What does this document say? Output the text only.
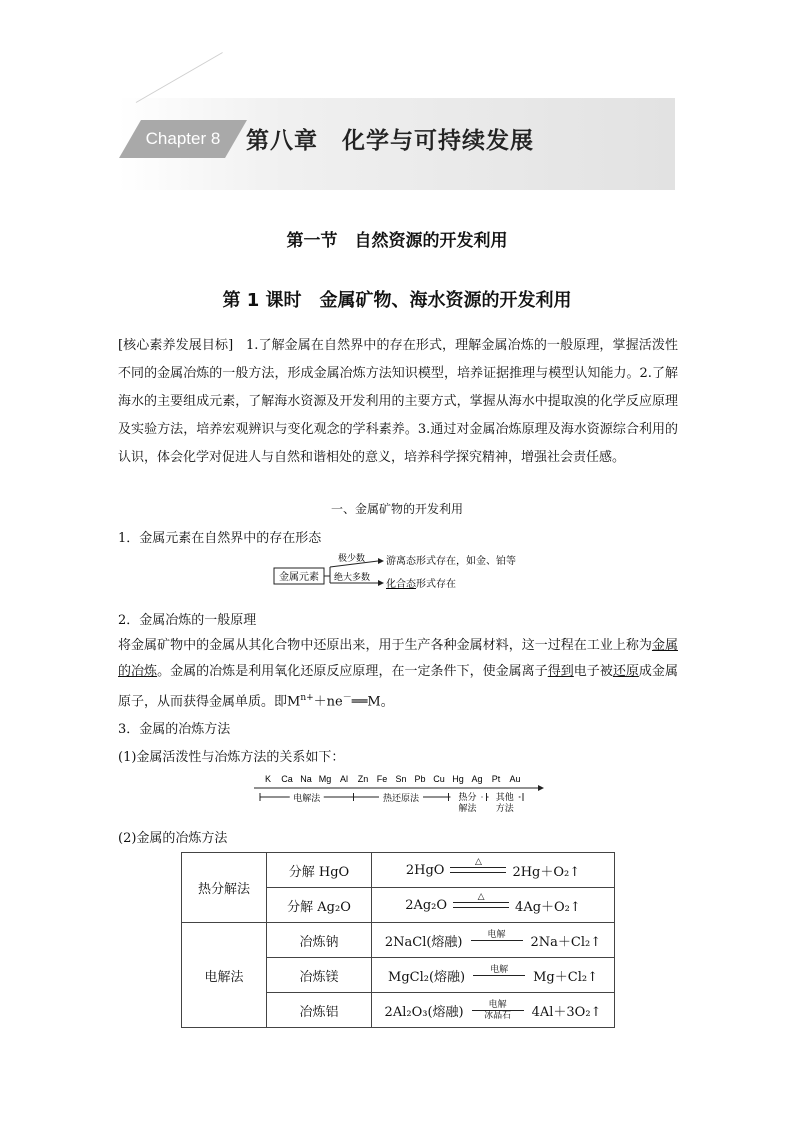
Chapter 8	第八章　化学与可持续发展
第一节　自然资源的开发利用
第 1 课时　金属矿物、海水资源的开发利用
[核心素养发展目标] 1.了解金属在自然界中的存在形式，理解金属冶炼的一般原理，掌握活泼性不同的金属冶炼的一般方法，形成金属冶炼方法知识模型，培养证据推理与模型认知能力。2.了解海水的主要组成元素，了解海水资源及开发利用的主要方式，掌握从海水中提取溴的化学反应原理及实验方法，培养宏观辨识与变化观念的学科素养。3.通过对金属冶炼原理及海水资源综合利用的认识，体会化学对促进人与自然和谐相处的意义，培养科学探究精神，增强社会责任感。
一、金属矿物的开发利用
1．金属元素在自然界中的存在形态
金属元素
极少数
绝大多数
游离态形式存在，如金、铂等
化合态形式存在
2．金属冶炼的一般原理
将金属矿物中的金属从其化合物中还原出来，用于生产各种金属材料，这一过程在工业上称为金属的冶炼。金属的冶炼是利用氧化还原反应原理，在一定条件下，使金属离子得到电子被还原成金属原子，从而获得金属单质。即$M^{n+}+ne^-══M$。
3．金属的冶炼方法
(1)金属活泼性与冶炼方法的关系如下：
K Ca Na Mg Al Zn Fe Sn Pb Cu Hg Ag Pt Au
电解法	热还原法	热分解法
其他方法
(2)金属的冶炼方法
热分解法	分解 HgO	2HgO
△
2Hg＋O₂↑

	分解 Ag₂O	2Ag₂O
△
4Ag＋O₂↑

电解法	冶炼钠	2NaCl(熔融) 电解 2Na＋Cl₂↑

	冶炼镁	MgCl₂(熔融) 电解 Mg＋Cl₂↑

	冶炼铝	2Al₂O₃(熔融) 电解
冰晶石 4Al＋3O₂↑
